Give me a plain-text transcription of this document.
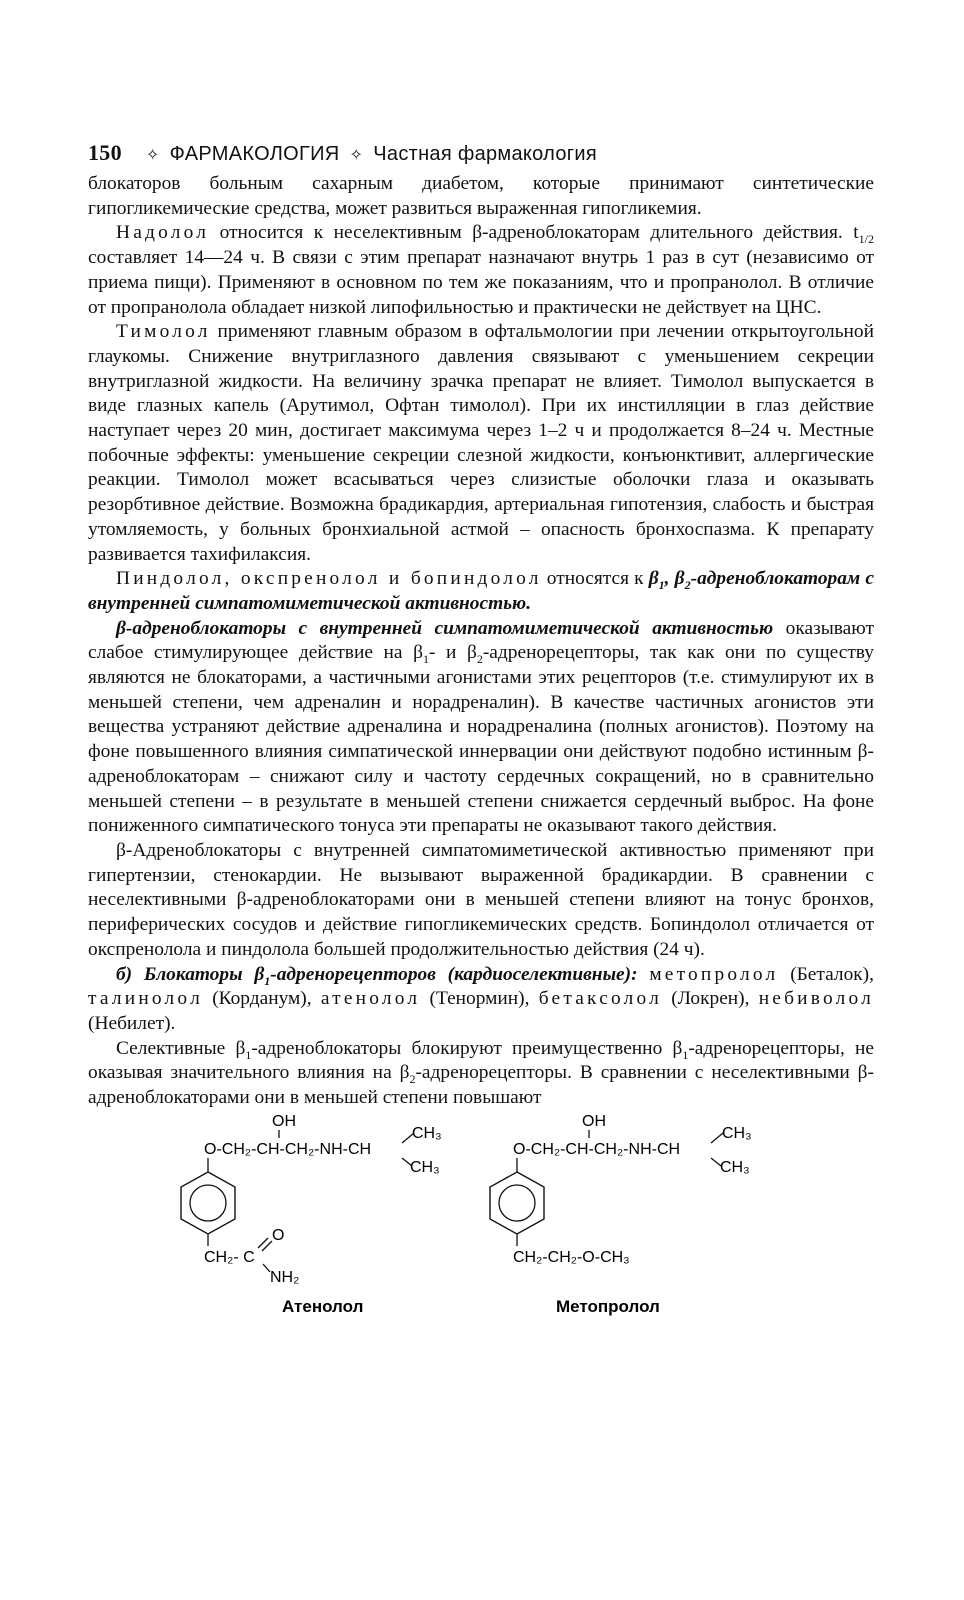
150 ✧ ФАРМАКОЛОГИЯ ✧ Частная фармакология

блокаторов больным сахарным диабетом, которые принимают синтетические гипогликемические средства, может развиться выраженная гипогликемия.

Надолол относится к неселективным β-адреноблокаторам длительного действия. $t_{1/2}$ составляет 14—24 ч. В связи с этим препарат назначают внутрь 1 раз в сут (независимо от приема пищи). Применяют в основном по тем же показаниям, что и пропранолол. В отличие от пропранолола обладает низкой липофильностью и практически не действует на ЦНС.

Тимолол применяют главным образом в офтальмологии при лечении открытоугольной глаукомы. Снижение внутриглазного давления связывают с уменьшением секреции внутриглазной жидкости. На величину зрачка препарат не влияет. Тимолол выпускается в виде глазных капель (Арутимол, Офтан тимолол). При их инстилляции в глаз действие наступает через 20 мин, достигает максимума через 1–2 ч и продолжается 8–24 ч. Местные побочные эффекты: уменьшение секреции слезной жидкости, конъюнктивит, аллергические реакции. Тимолол может всасываться через слизистые оболочки глаза и оказывать резорбтивное действие. Возможна брадикардия, артериальная гипотензия, слабость и быстрая утомляемость, у больных бронхиальной астмой – опасность бронхоспазма. К препарату развивается тахифилаксия.

Пиндолол, окспренолол и бопиндолол относятся к $\beta_1$, $\beta_2$-адреноблокаторам с внутренней симпатомиметической активностью.

β-адреноблокаторы с внутренней симпатомиметической активностью оказывают слабое стимулирующее действие на $\beta_1-$ и $\beta_2$-адренорецепторы, так как они по существу являются не блокаторами, а частичными агонистами этих рецепторов (т.е. стимулируют их в меньшей степени, чем адреналин и норадреналин). В качестве частичных агонистов эти вещества устраняют действие адреналина и норадреналина (полных агонистов). Поэтому на фоне повышенного влияния симпатической иннервации они действуют подобно истинным β-адреноблокаторам – снижают силу и частоту сердечных сокращений, но в сравнительно меньшей степени – в результате в меньшей степени снижается сердечный выброс. На фоне пониженного симпатического тонуса эти препараты не оказывают такого действия.

β-Адреноблокаторы с внутренней симпатомиметической активностью применяют при гипертензии, стенокардии. Не вызывают выраженной брадикардии. В сравнении с неселективными β-адреноблокаторами они в меньшей степени влияют на тонус бронхов, периферических сосудов и действие гипогликемических средств. Бопиндолол отличается от окспренолола и пиндолола большей продолжительностью действия (24 ч).

б) Блокаторы $\beta_1$-адренорецепторов (кардиоселективные): метопролол (Беталок), талинолол (Корданум), атенолол (Тенормин), бетаксолол (Локрен), небиволол (Небилет).

Селективные $\beta_1$-адреноблокаторы блокируют преимущественно $\beta_1$-адренорецепторы, не оказывая значительного влияния на $\beta_2$-адренорецепторы. В сравнении с неселективными β-адреноблокаторами они в меньшей степени повышают

OH
O-CH₂-CH-CH₂-NH-CH
CH₃
CH₃
CH₂- C
O
NH₂
Атенолол
OH
O-CH₂-CH-CH₂-NH-CH
CH₃
CH₃
CH₂-CH₂-O-CH₃
Метопролол
